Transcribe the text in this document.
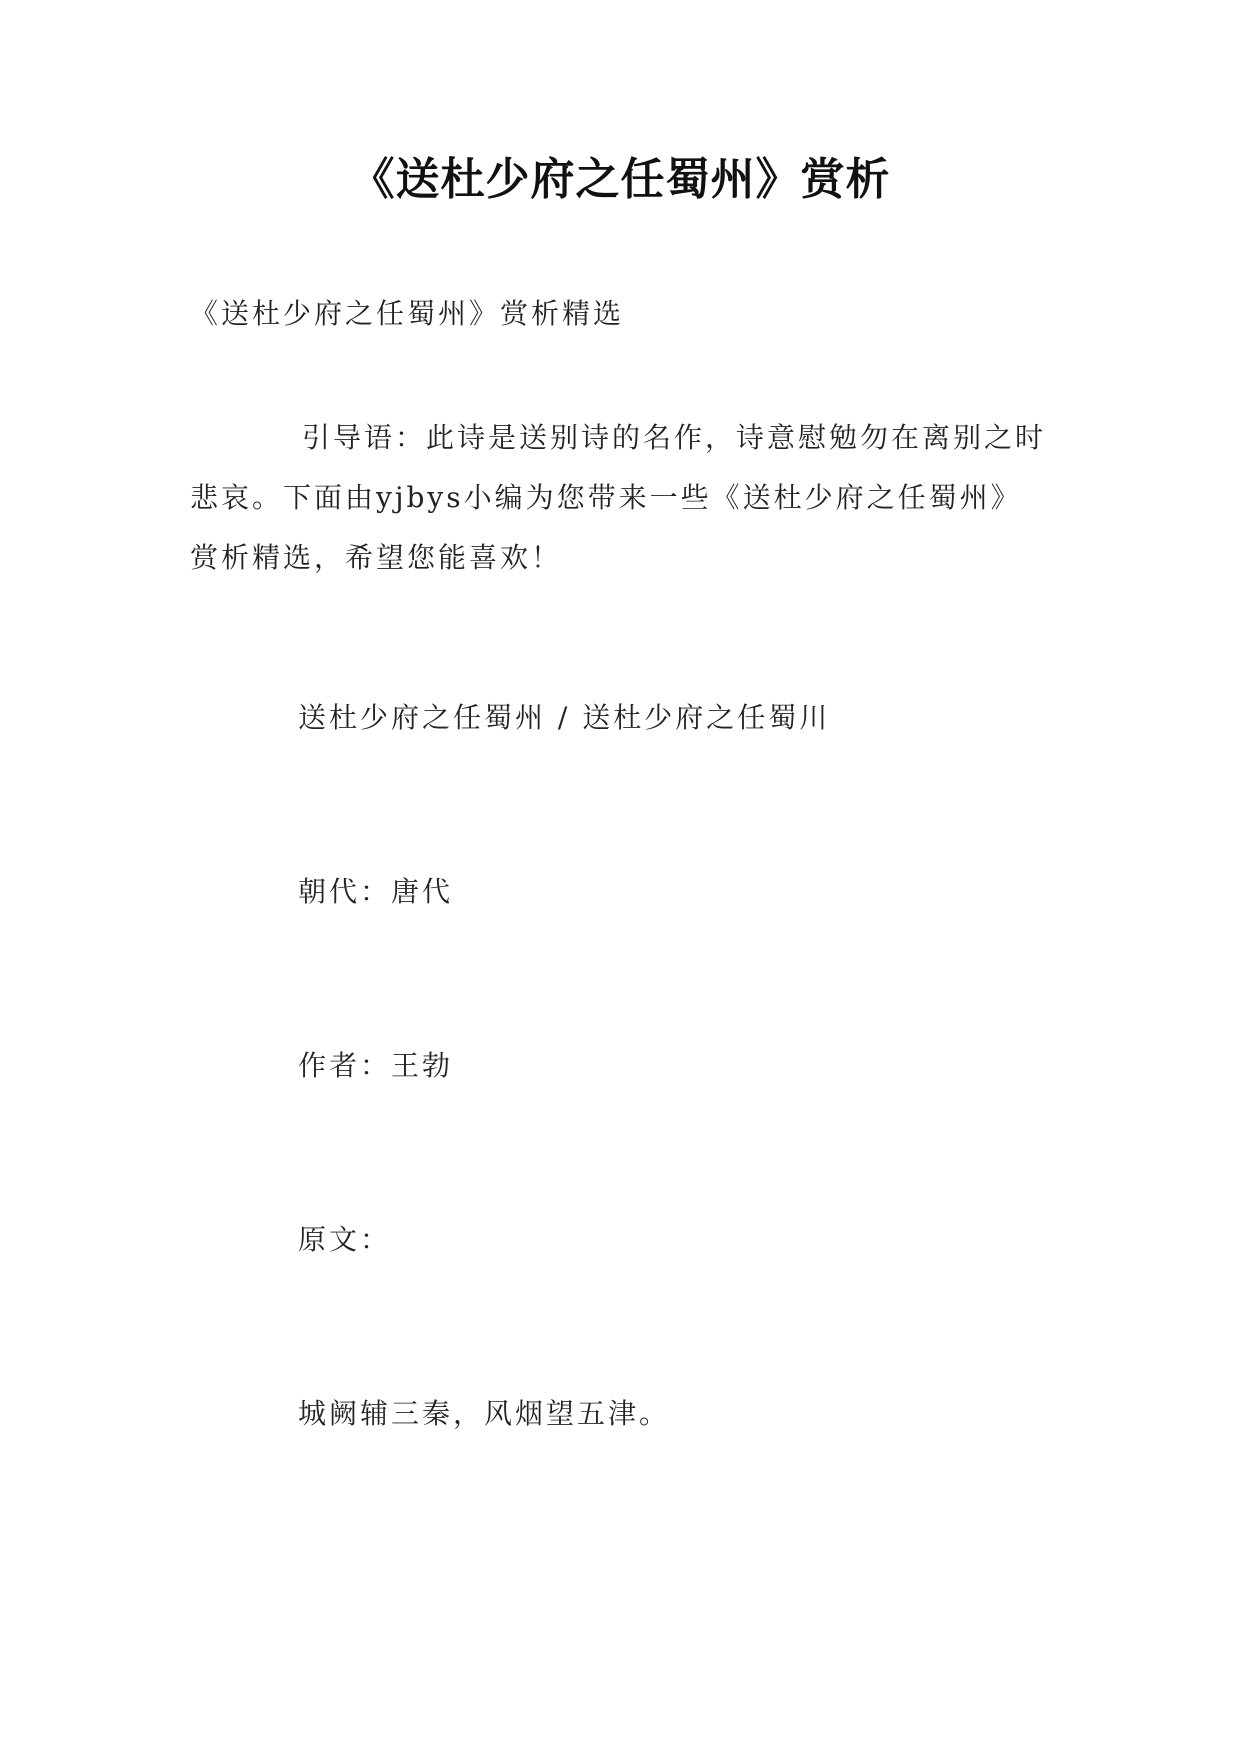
《送杜少府之任蜀州》赏析

《送杜少府之任蜀州》赏析精选

引导语：此诗是送别诗的名作，诗意慰勉勿在离别之时悲哀。下面由yjbys小编为您带来一些《送杜少府之任蜀州》赏析精选，希望您能喜欢！

送杜少府之任蜀州 / 送杜少府之任蜀川

朝代：唐代

作者：王勃

原文：

城阙辅三秦，风烟望五津。
